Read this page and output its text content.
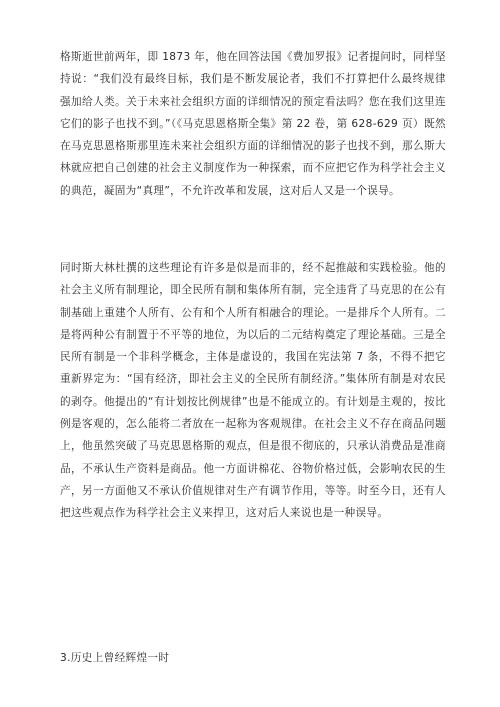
格斯逝世前两年，即 1873 年，他在回答法国《费加罗报》记者提问时，同样坚持说：“我们没有最终目标，我们是不断发展论者，我们不打算把什么最终规律强加给人类。关于未来社会组织方面的详细情况的预定看法吗？您在我们这里连它们的影子也找不到。”（《马克思恩格斯全集》第 22 卷，第 628-629 页）既然在马克思恩格斯那里连未来社会组织方面的详细情况的影子也找不到，那么斯大林就应把自己创建的社会主义制度作为一种探索，而不应把它作为科学社会主义的典范，凝固为“真理”，不允许改革和发展，这对后人又是一个误导。

同时斯大林杜撰的这些理论有许多是似是而非的，经不起推敲和实践检验。他的社会主义所有制理论，即全民所有制和集体所有制，完全违背了马克思的在公有制基础上重建个人所有、公有和个人所有相融合的理论。一是排斥个人所有。二是将两种公有制置于不平等的地位，为以后的二元结构奠定了理论基础。三是全民所有制是一个非科学概念，主体是虚设的，我国在宪法第 7 条，不得不把它重新界定为：“国有经济，即社会主义的全民所有制经济。”集体所有制是对农民的剥夺。他提出的“有计划按比例规律”也是不能成立的。有计划是主观的，按比例是客观的，怎么能将二者放在一起称为客观规律。在社会主义不存在商品问题上，他虽然突破了马克思恩格斯的观点，但是很不彻底的，只承认消费品是准商品，不承认生产资料是商品。他一方面讲棉花、谷物价格过低，会影响农民的生产，另一方面他又不承认价值规律对生产有调节作用，等等。时至今日，还有人把这些观点作为科学社会主义来捍卫，这对后人来说也是一种误导。

3.历史上曾经辉煌一时
